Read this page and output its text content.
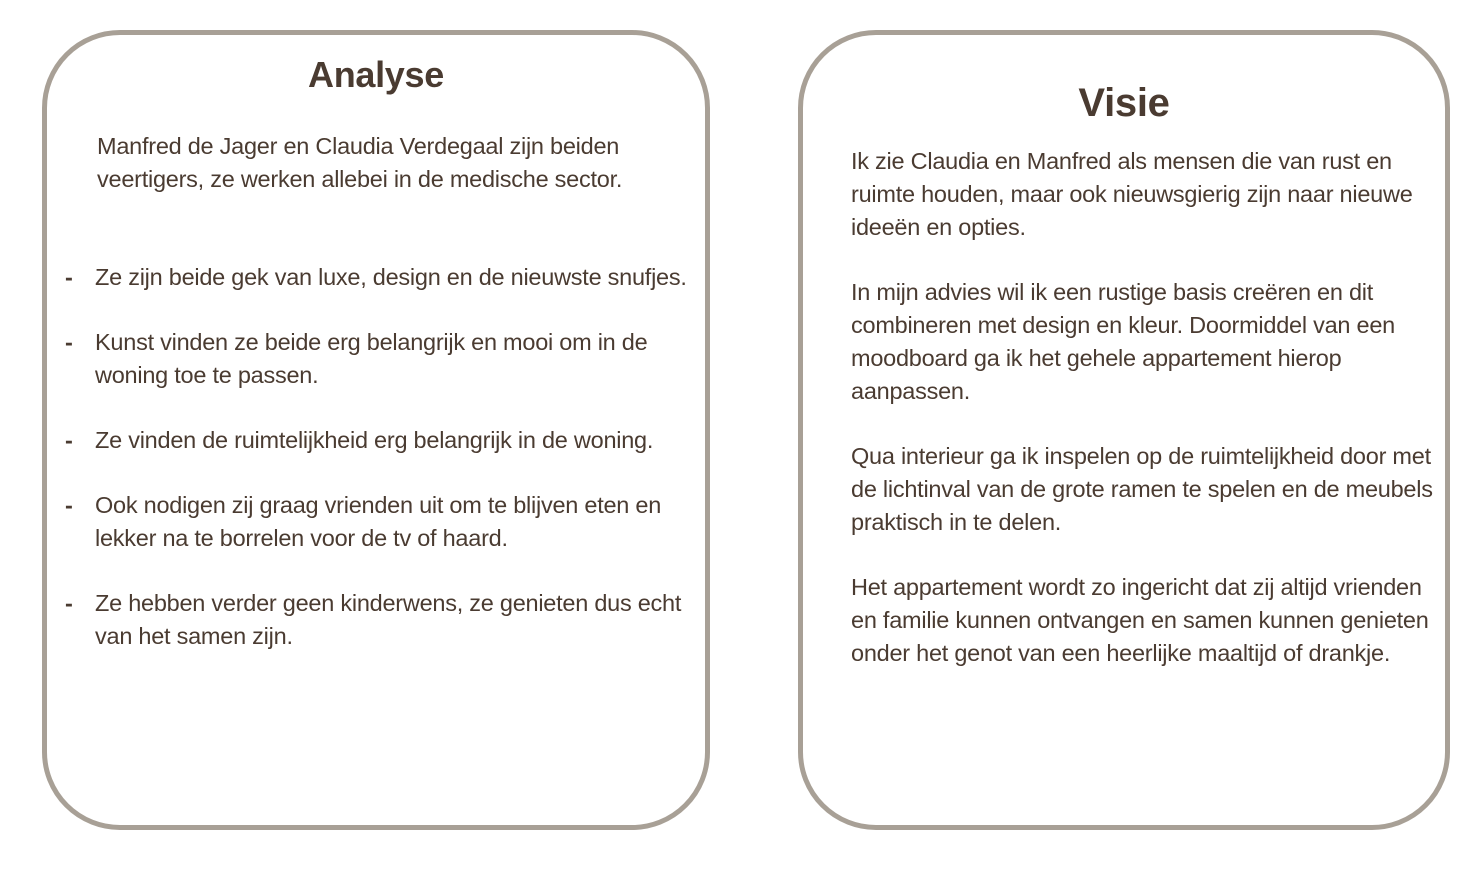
Analyse

Manfred de Jager en Claudia Verdegaal zijn beiden veertigers, ze werken allebei in de medische sector.

- Ze zijn beide gek van luxe, design en de nieuwste snufjes.
- Kunst vinden ze beide erg belangrijk en mooi om in de woning toe te passen.
- Ze vinden de ruimtelijkheid erg belangrijk in de woning.
- Ook nodigen zij graag vrienden uit om te blijven eten en lekker na te borrelen voor de tv of haard.
- Ze hebben verder geen kinderwens, ze genieten dus echt van het samen zijn.
Visie

Ik zie Claudia en Manfred als mensen die van rust en ruimte houden, maar ook nieuwsgierig zijn naar nieuwe ideeën en opties.

In mijn advies wil ik een rustige basis creëren en dit combineren met design en kleur. Doormiddel van een moodboard ga ik het gehele appartement hierop aanpassen.

Qua interieur ga ik inspelen op de ruimtelijkheid door met de lichtinval van de grote ramen te spelen en de meubels praktisch in te delen.

Het appartement wordt zo ingericht dat zij altijd vrienden en familie kunnen ontvangen en samen kunnen genieten onder het genot van een heerlijke maaltijd of drankje.
